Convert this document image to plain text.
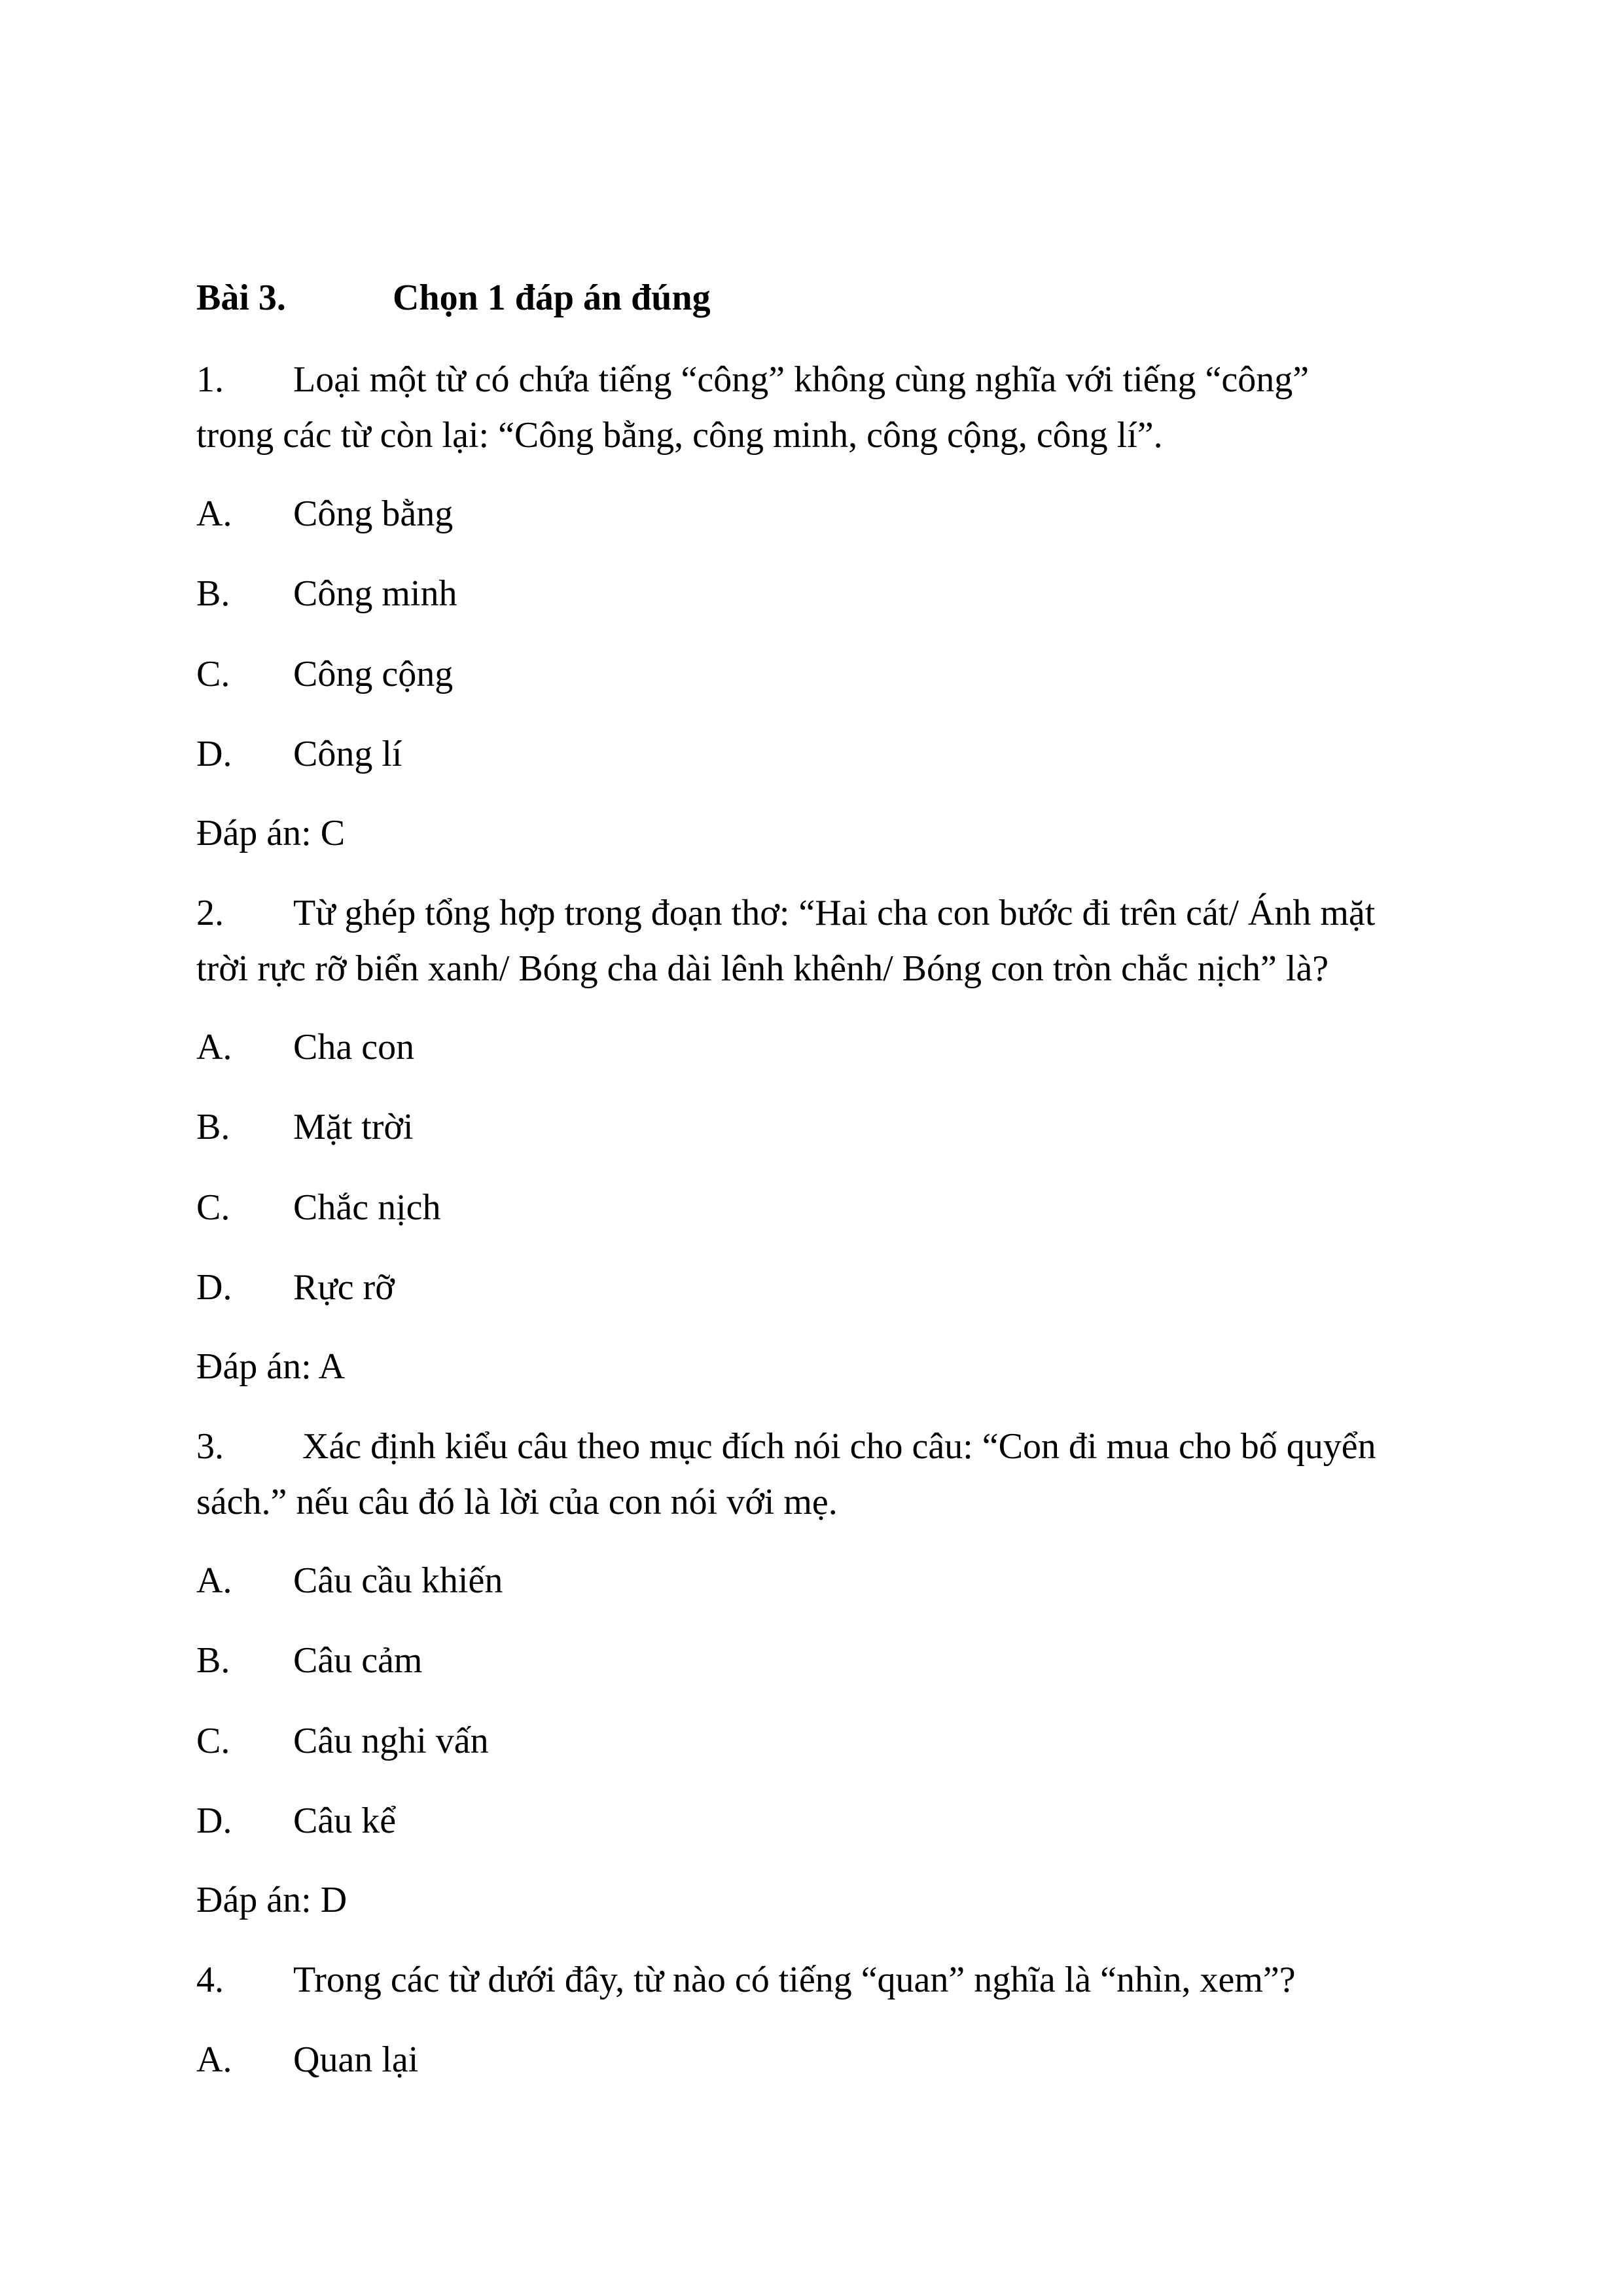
Bài 3.	Chọn 1 đáp án đúng
1. Loại một từ có chứa tiếng “công” không cùng nghĩa với tiếng “công”
trong các từ còn lại: “Công bằng, công minh, công cộng, công lí”.
A. Công bằng
B. Công minh
C. Công cộng
D. Công lí
Đáp án: C
2. Từ ghép tổng hợp trong đoạn thơ: “Hai cha con bước đi trên cát/ Ánh mặt
trời rực rỡ biển xanh/ Bóng cha dài lênh khênh/ Bóng con tròn chắc nịch” là?
A. Cha con
B. Mặt trời
C. Chắc nịch
D. Rực rỡ
Đáp án: A
3. Xác định kiểu câu theo mục đích nói cho câu: “Con đi mua cho bố quyển
sách.” nếu câu đó là lời của con nói với mẹ.
A. Câu cầu khiến
B. Câu cảm
C. Câu nghi vấn
D. Câu kể
Đáp án: D
4. Trong các từ dưới đây, từ nào có tiếng “quan” nghĩa là “nhìn, xem”?
A. Quan lại
